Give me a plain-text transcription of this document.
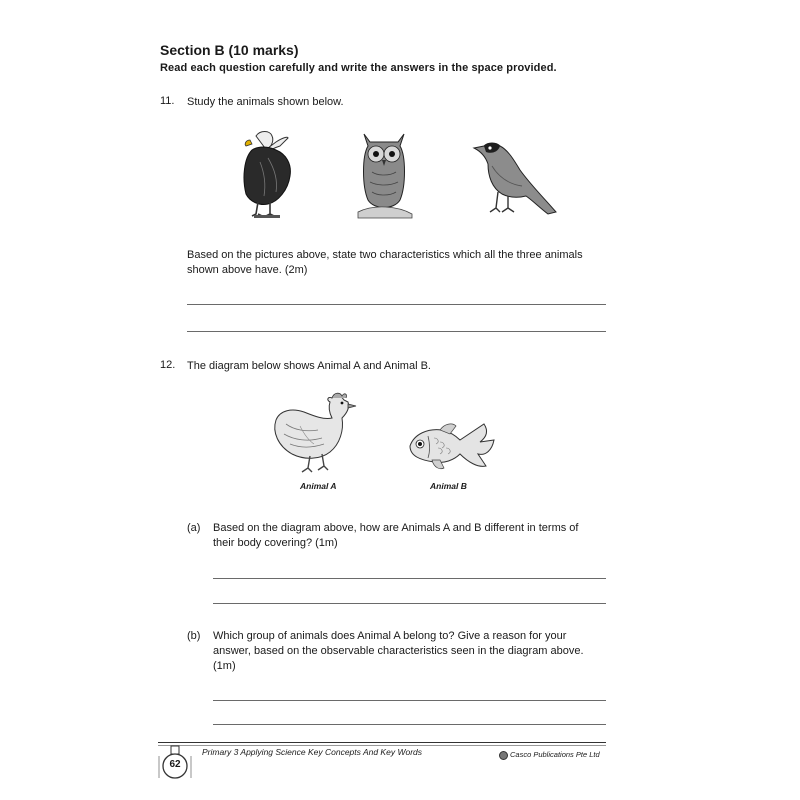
Section B (10 marks)
Read each question carefully and write the answers in the space provided.
11. Study the animals shown below.
Based on the pictures above, state two characteristics which all the three animals
shown above have. (2m)
12. The diagram below shows Animal A and Animal B.
Animal A	Animal B
(a) Based on the diagram above, how are Animals A and B different in terms of
their body covering? (1m)
(b) Which group of animals does Animal A belong to? Give a reason for your
answer, based on the observable characteristics seen in the diagram above.
(1m)
62
Primary 3 Applying Science Key Concepts And Key Words	Casco Publications Pte Ltd
